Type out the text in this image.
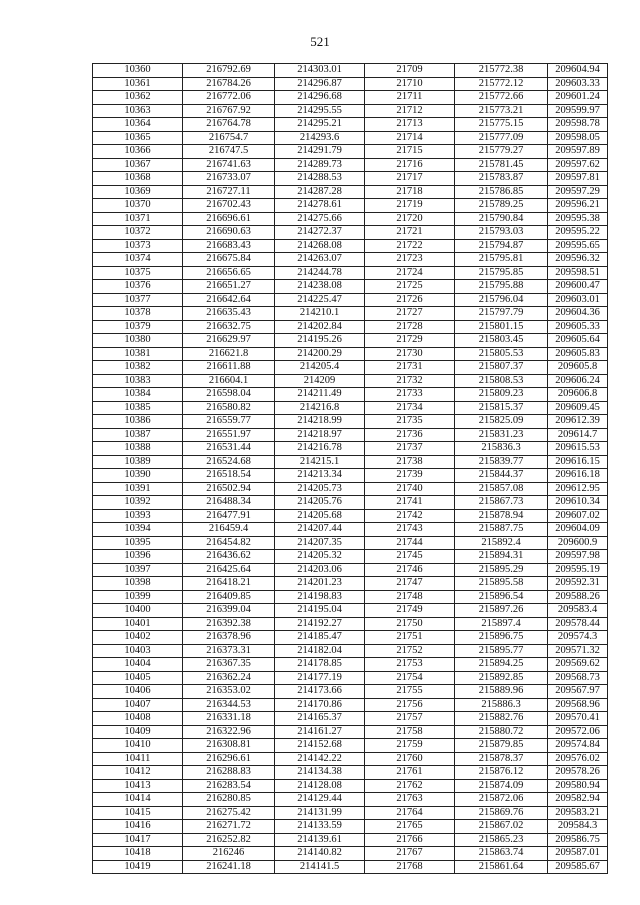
521
10360	216792.69	214303.01	21709	215772.38	209604.94
10361	216784.26	214296.87	21710	215772.12	209603.33
10362	216772.06	214296.68	21711	215772.66	209601.24
10363	216767.92	214295.55	21712	215773.21	209599.97
10364	216764.78	214295.21	21713	215775.15	209598.78
10365	216754.7	214293.6	21714	215777.09	209598.05
10366	216747.5	214291.79	21715	215779.27	209597.89
10367	216741.63	214289.73	21716	215781.45	209597.62
10368	216733.07	214288.53	21717	215783.87	209597.81
10369	216727.11	214287.28	21718	215786.85	209597.29
10370	216702.43	214278.61	21719	215789.25	209596.21
10371	216696.61	214275.66	21720	215790.84	209595.38
10372	216690.63	214272.37	21721	215793.03	209595.22
10373	216683.43	214268.08	21722	215794.87	209595.65
10374	216675.84	214263.07	21723	215795.81	209596.32
10375	216656.65	214244.78	21724	215795.85	209598.51
10376	216651.27	214238.08	21725	215795.88	209600.47
10377	216642.64	214225.47	21726	215796.04	209603.01
10378	216635.43	214210.1	21727	215797.79	209604.36
10379	216632.75	214202.84	21728	215801.15	209605.33
10380	216629.97	214195.26	21729	215803.45	209605.64
10381	216621.8	214200.29	21730	215805.53	209605.83
10382	216611.88	214205.4	21731	215807.37	209605.8
10383	216604.1	214209	21732	215808.53	209606.24
10384	216598.04	214211.49	21733	215809.23	209606.8
10385	216580.82	214216.8	21734	215815.37	209609.45
10386	216559.77	214218.99	21735	215825.09	209612.39
10387	216551.97	214218.97	21736	215831.23	209614.7
10388	216531.44	214216.78	21737	215836.3	209615.53
10389	216524.68	214215.1	21738	215839.77	209616.15
10390	216518.54	214213.34	21739	215844.37	209616.18
10391	216502.94	214205.73	21740	215857.08	209612.95
10392	216488.34	214205.76	21741	215867.73	209610.34
10393	216477.91	214205.68	21742	215878.94	209607.02
10394	216459.4	214207.44	21743	215887.75	209604.09
10395	216454.82	214207.35	21744	215892.4	209600.9
10396	216436.62	214205.32	21745	215894.31	209597.98
10397	216425.64	214203.06	21746	215895.29	209595.19
10398	216418.21	214201.23	21747	215895.58	209592.31
10399	216409.85	214198.83	21748	215896.54	209588.26
10400	216399.04	214195.04	21749	215897.26	209583.4
10401	216392.38	214192.27	21750	215897.4	209578.44
10402	216378.96	214185.47	21751	215896.75	209574.3
10403	216373.31	214182.04	21752	215895.77	209571.32
10404	216367.35	214178.85	21753	215894.25	209569.62
10405	216362.24	214177.19	21754	215892.85	209568.73
10406	216353.02	214173.66	21755	215889.96	209567.97
10407	216344.53	214170.86	21756	215886.3	209568.96
10408	216331.18	214165.37	21757	215882.76	209570.41
10409	216322.96	214161.27	21758	215880.72	209572.06
10410	216308.81	214152.68	21759	215879.85	209574.84
10411	216296.61	214142.22	21760	215878.37	209576.02
10412	216288.83	214134.38	21761	215876.12	209578.26
10413	216283.54	214128.08	21762	215874.09	209580.94
10414	216280.85	214129.44	21763	215872.06	209582.94
10415	216275.42	214131.99	21764	215869.76	209583.21
10416	216271.72	214133.59	21765	215867.02	209584.3
10417	216252.82	214139.61	21766	215865.23	209586.75
10418	216246	214140.82	21767	215863.74	209587.01
10419	216241.18	214141.5	21768	215861.64	209585.67
